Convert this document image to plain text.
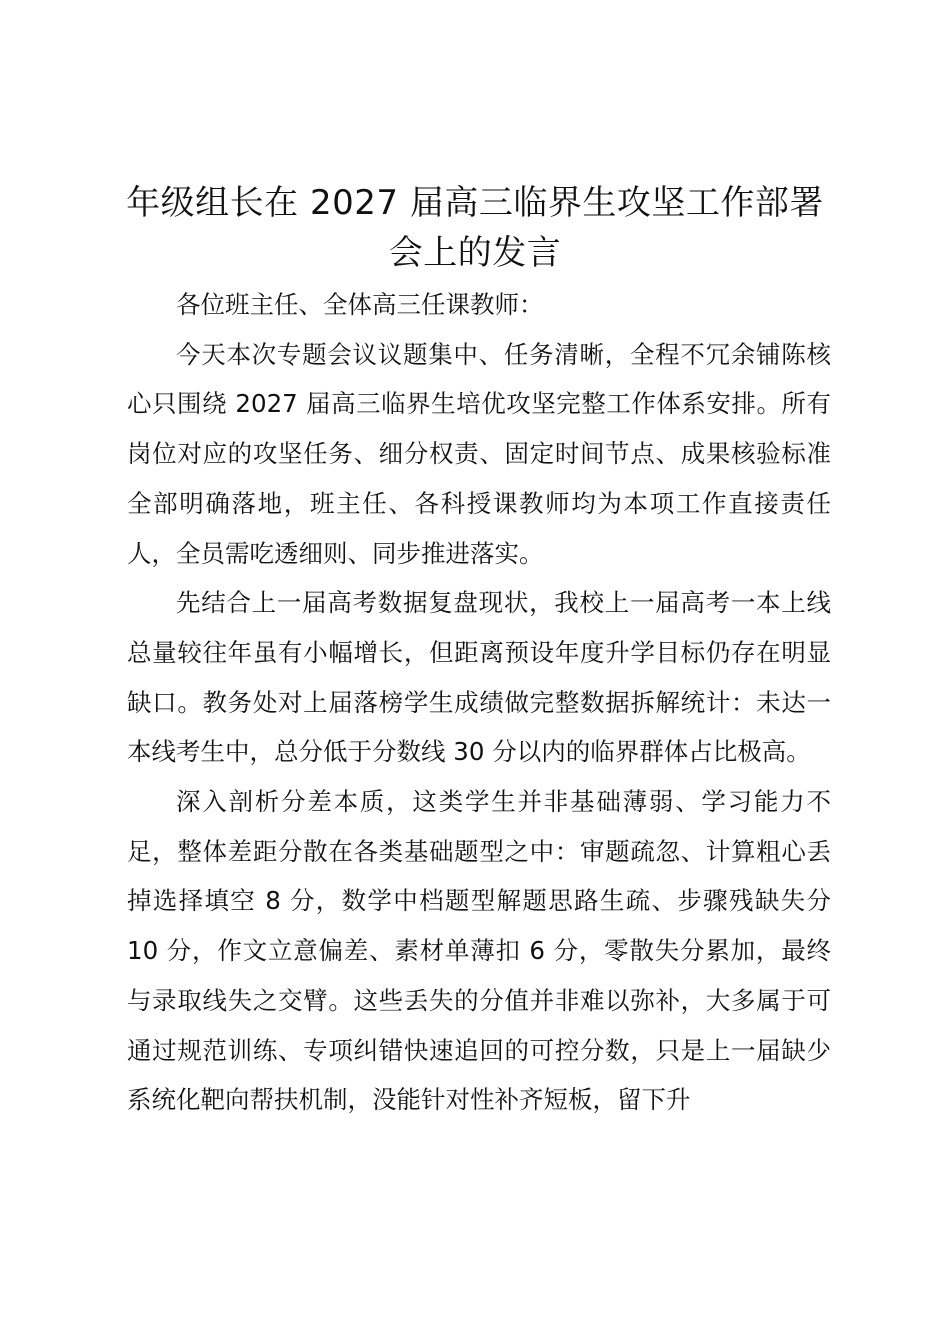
年级组长在 2027 届高三临界生攻坚工作部署会上的发言

各位班主任、全体高三任课教师：

今天本次专题会议议题集中、任务清晰，全程不冗余铺陈核心只围绕 2027 届高三临界生培优攻坚完整工作体系安排。所有岗位对应的攻坚任务、细分权责、固定时间节点、成果核验标准全部明确落地，班主任、各科授课教师均为本项工作直接责任人，全员需吃透细则、同步推进落实。

先结合上一届高考数据复盘现状，我校上一届高考一本上线总量较往年虽有小幅增长，但距离预设年度升学目标仍存在明显缺口。教务处对上届落榜学生成绩做完整数据拆解统计：未达一本线考生中，总分低于分数线 30 分以内的临界群体占比极高。

深入剖析分差本质，这类学生并非基础薄弱、学习能力不足，整体差距分散在各类基础题型之中：审题疏忽、计算粗心丢掉选择填空 8 分，数学中档题型解题思路生疏、步骤残缺失分 10 分，作文立意偏差、素材单薄扣 6 分，零散失分累加，最终与录取线失之交臂。这些丢失的分值并非难以弥补，大多属于可通过规范训练、专项纠错快速追回的可控分数，只是上一届缺少系统化靶向帮扶机制，没能针对性补齐短板，留下升
